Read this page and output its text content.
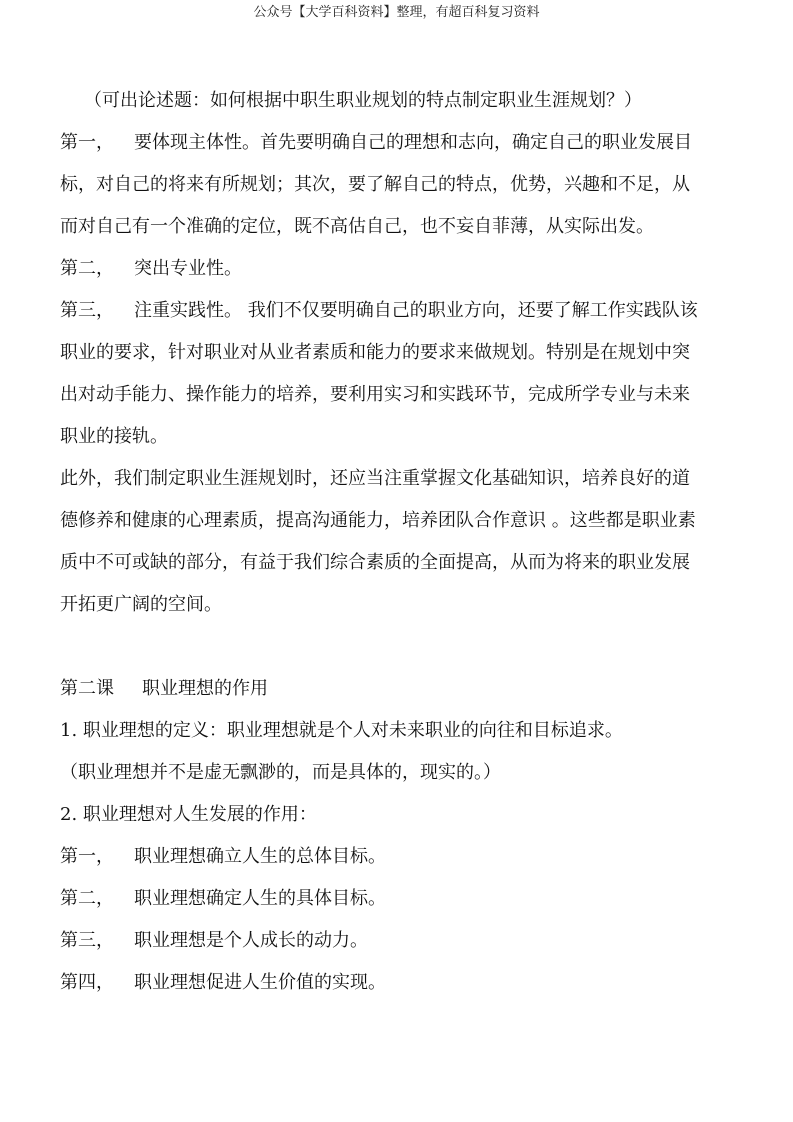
公众号【大学百科资料】整理，有超百科复习资料
（可出论述题：如何根据中职生职业规划的特点制定职业生涯规划？）
第一， 要体现主体性。首先要明确自己的理想和志向，确定自己的职业发展目
标，对自己的将来有所规划；其次，要了解自己的特点，优势，兴趣和不足，从
而对自己有一个准确的定位，既不高估自己，也不妄自菲薄，从实际出发。
第二， 突出专业性。
第三， 注重实践性。 我们不仅要明确自己的职业方向，还要了解工作实践队该
职业的要求，针对职业对从业者素质和能力的要求来做规划。特别是在规划中突
出对动手能力、操作能力的培养，要利用实习和实践环节，完成所学专业与未来
职业的接轨。
此外，我们制定职业生涯规划时，还应当注重掌握文化基础知识，培养良好的道
德修养和健康的心理素质，提高沟通能力，培养团队合作意识 。这些都是职业素
质中不可或缺的部分，有益于我们综合素质的全面提高，从而为将来的职业发展
开拓更广阔的空间。
第二课 职业理想的作用
1. 职业理想的定义：职业理想就是个人对未来职业的向往和目标追求。
（职业理想并不是虚无飘渺的，而是具体的，现实的。）
2. 职业理想对人生发展的作用：
第一， 职业理想确立人生的总体目标。
第二， 职业理想确定人生的具体目标。
第三， 职业理想是个人成长的动力。
第四， 职业理想促进人生价值的实现。
